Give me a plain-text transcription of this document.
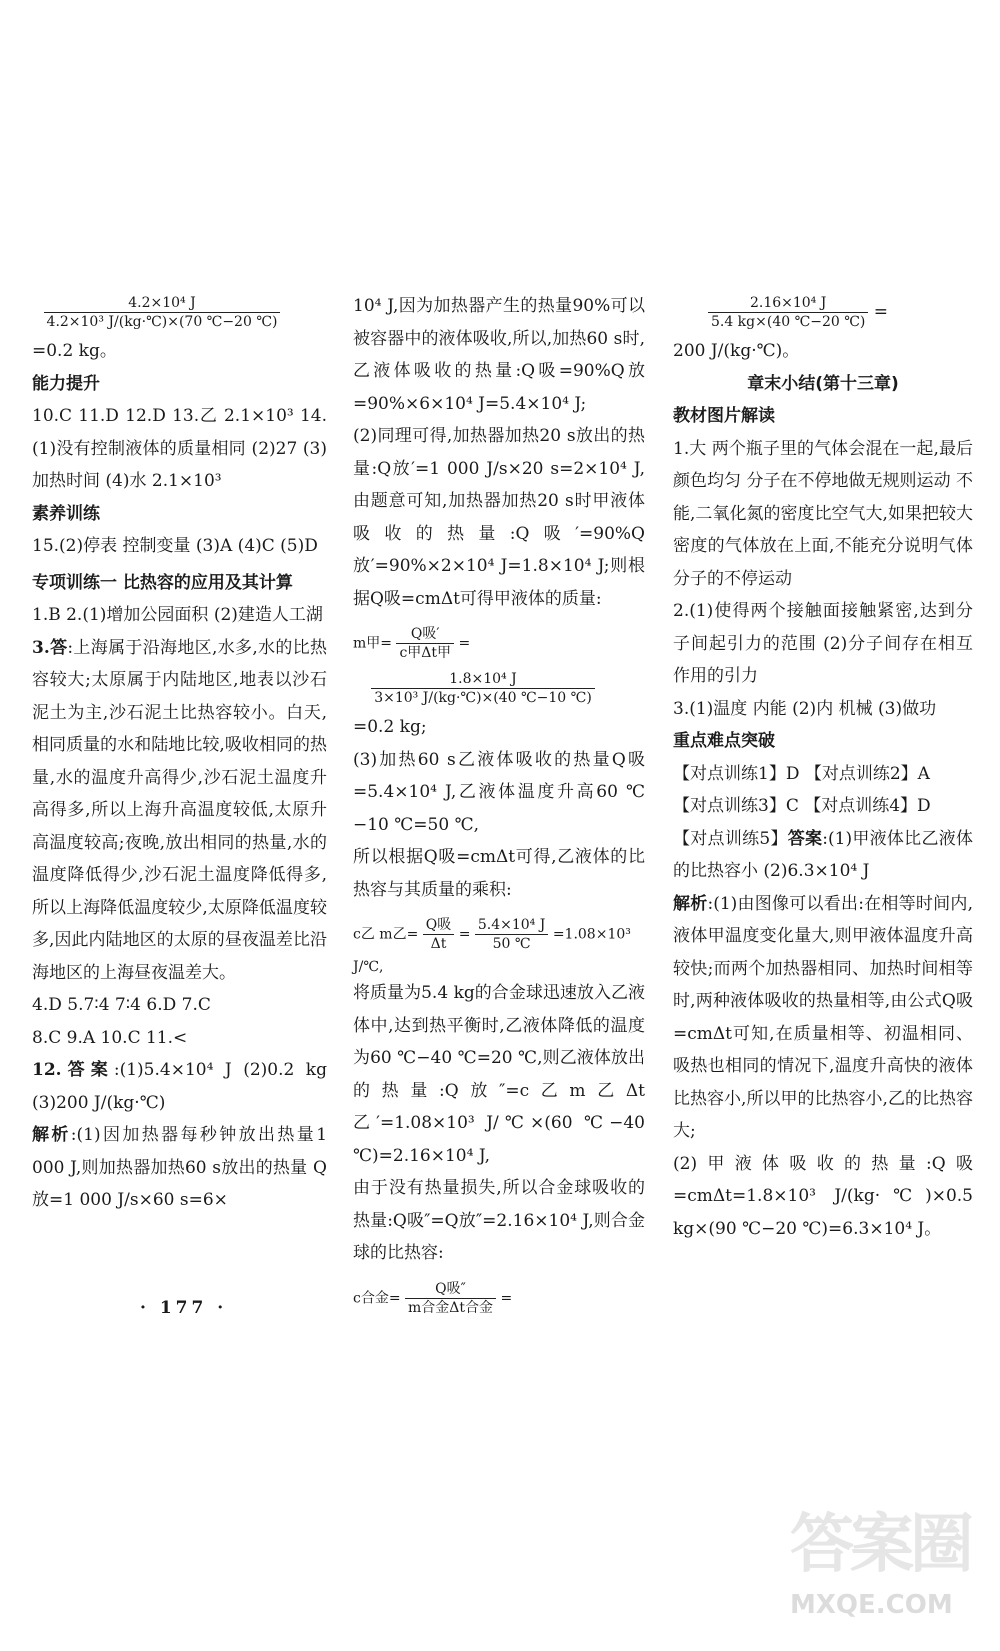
$\frac{\text{4.2×10⁴ J}}{\text{4.2×10³ J/(kg·℃)×(70 ℃−20 ℃)}}$

=0.2 kg。

能力提升

10.C 11.D 12.D 13.乙 2.1×10³ 14.(1)没有控制液体的质量相同 (2)27 (3)加热时间 (4)水 2.1×10³

素养训练

15.(2)停表 控制变量 (3)A (4)C (5)D

专项训练一 比热容的应用及其计算

1.B 2.(1)增加公园面积 (2)建造人工湖

3.答:上海属于沿海地区,水多,水的比热容较大;太原属于内陆地区,地表以沙石泥土为主,沙石泥土比热容较小。白天,相同质量的水和陆地比较,吸收相同的热量,水的温度升高得少,沙石泥土温度升高得多,所以上海升高温度较低,太原升高温度较高;夜晚,放出相同的热量,水的温度降低得少,沙石泥土温度降低得多,所以上海降低温度较少,太原降低温度较多,因此内陆地区的太原的昼夜温差比沿海地区的上海昼夜温差大。

4.D 5.7∶4 7∶4 6.D 7.C

8.C 9.A 10.C 11.<

12.答案:(1)5.4×10⁴ J (2)0.2 kg (3)200 J/(kg·℃)

解析:(1)因加热器每秒钟放出热量1 000 J,则加热器加热60 s放出的热量 Q放=1 000 J/s×60 s=6×

10⁴ J,因为加热器产生的热量90%可以被容器中的液体吸收,所以,加热60 s时,乙液体吸收的热量:Q吸=90%Q放=90%×6×10⁴ J=5.4×10⁴ J;

(2)同理可得,加热器加热20 s放出的热量:Q放′=1 000 J/s×20 s=2×10⁴ J,由题意可知,加热器加热20 s时甲液体吸收的热量:Q吸′=90%Q放′=90%×2×10⁴ J=1.8×10⁴ J;则根据Q吸=cmΔt可得甲液体的质量:

m甲= $\frac{\text{Q吸′}}{\text{c甲Δt甲}}$ =
$\frac{\text{1.8×10⁴ J}}{\text{3×10³ J/(kg·℃)×(40 ℃−10 ℃)}}$

=0.2 kg;

(3)加热60 s乙液体吸收的热量Q吸=5.4×10⁴ J,乙液体温度升高60 ℃−10 ℃=50 ℃,

所以根据Q吸=cmΔt可得,乙液体的比热容与其质量的乘积:

c乙 m乙= $\frac{\text{Q吸}}{\Delta t} = \frac{\text{5.4×10⁴ J}}{50 ℃} =1.08\times 10^3$ J/℃,

将质量为5.4 kg的合金球迅速放入乙液体中,达到热平衡时,乙液体降低的温度为60 ℃−40 ℃=20 ℃,则乙液体放出的热量:Q放″=c乙m乙Δt乙′=1.08×10³ J/℃×(60 ℃−40 ℃)=2.16×10⁴ J,

由于没有热量损失,所以合金球吸收的热量:Q吸″=Q放″=2.16×10⁴ J,则合金球的比热容:

c合金= $\frac{\text{Q吸″}}{\text{m合金Δt合金}}$ =
$\frac{\text{2.16×10⁴ J}}{5.4 kg\times(40 ℃-20 ℃)}$ =

200 J/(kg·℃)。

章末小结(第十三章)

教材图片解读

1.大 两个瓶子里的气体会混在一起,最后颜色均匀 分子在不停地做无规则运动 不能,二氧化氮的密度比空气大,如果把较大密度的气体放在上面,不能充分说明气体分子的不停运动

2.(1)使得两个接触面接触紧密,达到分子间起引力的范围 (2)分子间存在相互作用的引力

3.(1)温度 内能 (2)内 机械 (3)做功

重点难点突破

【对点训练1】D 【对点训练2】A

【对点训练3】C 【对点训练4】D

【对点训练5】答案:(1)甲液体比乙液体的比热容小 (2)6.3×10⁴ J

解析:(1)由图像可以看出:在相等时间内,液体甲温度变化量大,则甲液体温度升高较快;而两个加热器相同、加热时间相等时,两种液体吸收的热量相等,由公式Q吸=cmΔt可知,在质量相等、初温相同、吸热也相同的情况下,温度升高快的液体比热容小,所以甲的比热容小,乙的比热容大;

(2)甲液体吸收的热量:Q吸=cmΔt=1.8×10³ J/(kg·℃)×0.5 kg×(90 ℃−20 ℃)=6.3×10⁴ J。

· 177 ·
答案圈
MXQE.COM
